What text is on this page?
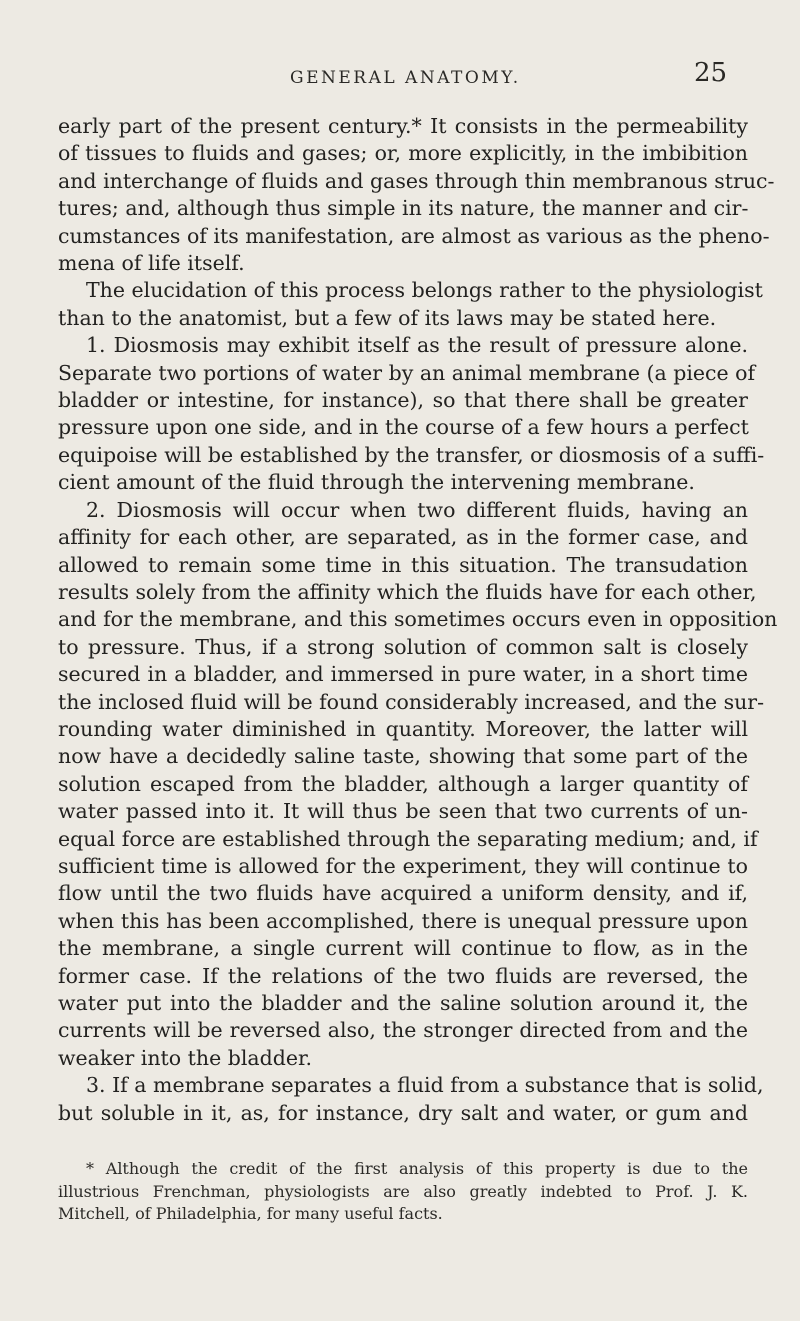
GENERAL ANATOMY.	25
early part of the present century.* It consists in the permeability
of tissues to fluids and gases; or, more explicitly, in the imbibition
and interchange of fluids and gases through thin membranous struc-
tures; and, although thus simple in its nature, the manner and cir-
cumstances of its manifestation, are almost as various as the pheno-
mena of life itself.
The elucidation of this process belongs rather to the physiologist
than to the anatomist, but a few of its laws may be stated here.
1. Diosmosis may exhibit itself as the result of pressure alone.
Separate two portions of water by an animal membrane (a piece of
bladder or intestine, for instance), so that there shall be greater
pressure upon one side, and in the course of a few hours a perfect
equipoise will be established by the transfer, or diosmosis of a suffi-
cient amount of the fluid through the intervening membrane.
2. Diosmosis will occur when two different fluids, having an
affinity for each other, are separated, as in the former case, and
allowed to remain some time in this situation. The transudation
results solely from the affinity which the fluids have for each other,
and for the membrane, and this sometimes occurs even in opposition
to pressure. Thus, if a strong solution of common salt is closely
secured in a bladder, and immersed in pure water, in a short time
the inclosed fluid will be found considerably increased, and the sur-
rounding water diminished in quantity. Moreover, the latter will
now have a decidedly saline taste, showing that some part of the
solution escaped from the bladder, although a larger quantity of
water passed into it. It will thus be seen that two currents of un-
equal force are established through the separating medium; and, if
sufficient time is allowed for the experiment, they will continue to
flow until the two fluids have acquired a uniform density, and if,
when this has been accomplished, there is unequal pressure upon
the membrane, a single current will continue to flow, as in the
former case. If the relations of the two fluids are reversed, the
water put into the bladder and the saline solution around it, the
currents will be reversed also, the stronger directed from and the
weaker into the bladder.
3. If a membrane separates a fluid from a substance that is solid,
but soluble in it, as, for instance, dry salt and water, or gum and
* Although the credit of the first analysis of this property is due to the
illustrious Frenchman, physiologists are also greatly indebted to Prof. J. K.
Mitchell, of Philadelphia, for many useful facts.
